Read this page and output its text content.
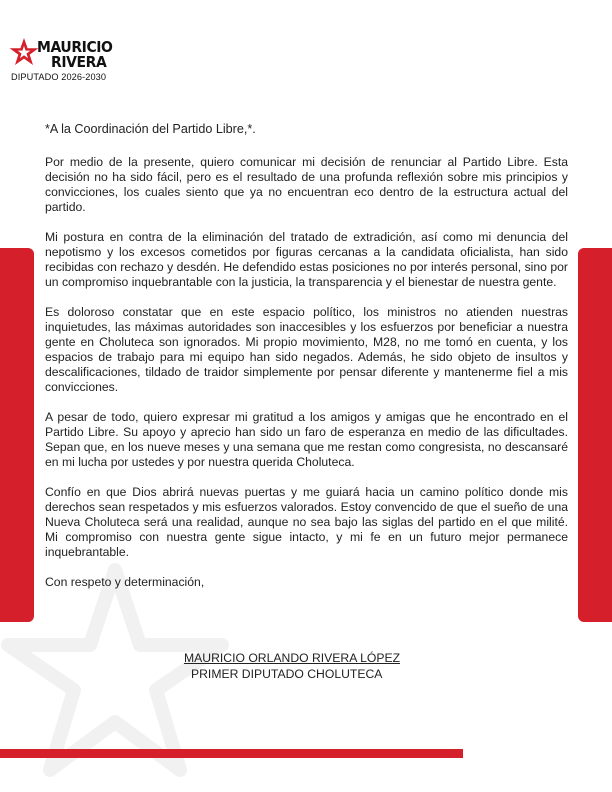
MAURICIO
RIVERA
DIPUTADO 2026-2030

*A la Coordinación del Partido Libre,*.

Por medio de la presente, quiero comunicar mi decisión de renunciar al Partido Libre. Esta decisión no ha sido fácil, pero es el resultado de una profunda reflexión sobre mis principios y convicciones, los cuales siento que ya no encuentran eco dentro de la estructura actual del partido.

Mi postura en contra de la eliminación del tratado de extradición, así como mi denuncia del nepotismo y los excesos cometidos por figuras cercanas a la candidata oficialista, han sido recibidas con rechazo y desdén. He defendido estas posiciones no por interés personal, sino por un compromiso inquebrantable con la justicia, la transparencia y el bienestar de nuestra gente.

Es doloroso constatar que en este espacio político, los ministros no atienden nuestras inquietudes, las máximas autoridades son inaccesibles y los esfuerzos por beneficiar a nuestra gente en Choluteca son ignorados. Mi propio movimiento, M28, no me tomó en cuenta, y los espacios de trabajo para mi equipo han sido negados. Además, he sido objeto de insultos y descalificaciones, tildado de traidor simplemente por pensar diferente y mantenerme fiel a mis convicciones.

A pesar de todo, quiero expresar mi gratitud a los amigos y amigas que he encontrado en el Partido Libre. Su apoyo y aprecio han sido un faro de esperanza en medio de las dificultades. Sepan que, en los nueve meses y una semana que me restan como congresista, no descansaré en mi lucha por ustedes y por nuestra querida Choluteca.

Confío en que Dios abrirá nuevas puertas y me guiará hacia un camino político donde mis derechos sean respetados y mis esfuerzos valorados. Estoy convencido de que el sueño de una Nueva Choluteca será una realidad, aunque no sea bajo las siglas del partido en el que milité. Mi compromiso con nuestra gente sigue intacto, y mi fe en un futuro mejor permanece inquebrantable.

Con respeto y determinación,

MAURICIO ORLANDO RIVERA LÓPEZ
PRIMER DIPUTADO CHOLUTECA
